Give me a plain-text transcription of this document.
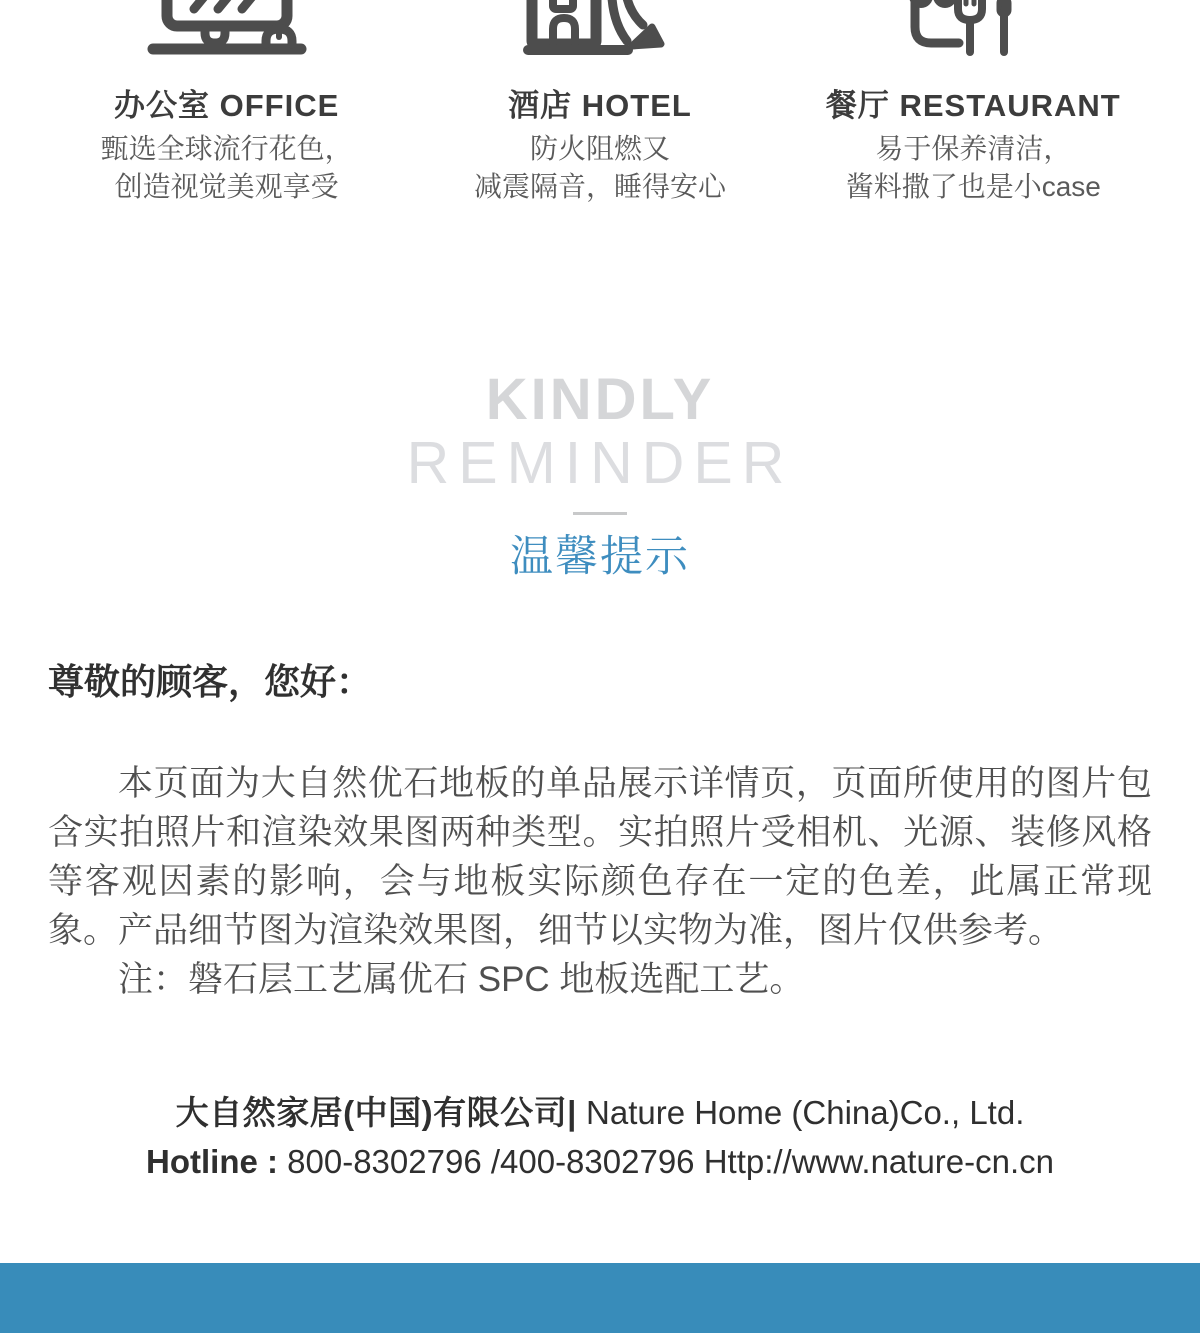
办公室 OFFICE
甄选全球流行花色，
创造视觉美观享受
酒店 HOTEL
防火阻燃又
减震隔音，睡得安心
餐厅 RESTAURANT
易于保养清洁，
酱料撒了也是小case
KINDLY
REMINDER
温馨提示
尊敬的顾客，您好：

本页面为大自然优石地板的单品展示详情页，页面所使用的图片包含实拍照片和渲染效果图两种类型。实拍照片受相机、光源、装修风格等客观因素的影响，会与地板实际颜色存在一定的色差，此属正常现象。产品细节图为渲染效果图，细节以实物为准，图片仅供参考。

注：磐石层工艺属优石 SPC 地板选配工艺。

大自然家居(中国)有限公司| Nature Home (China)Co., Ltd.
Hotline : 800-8302796 /400-8302796 Http://www.nature-cn.cn
